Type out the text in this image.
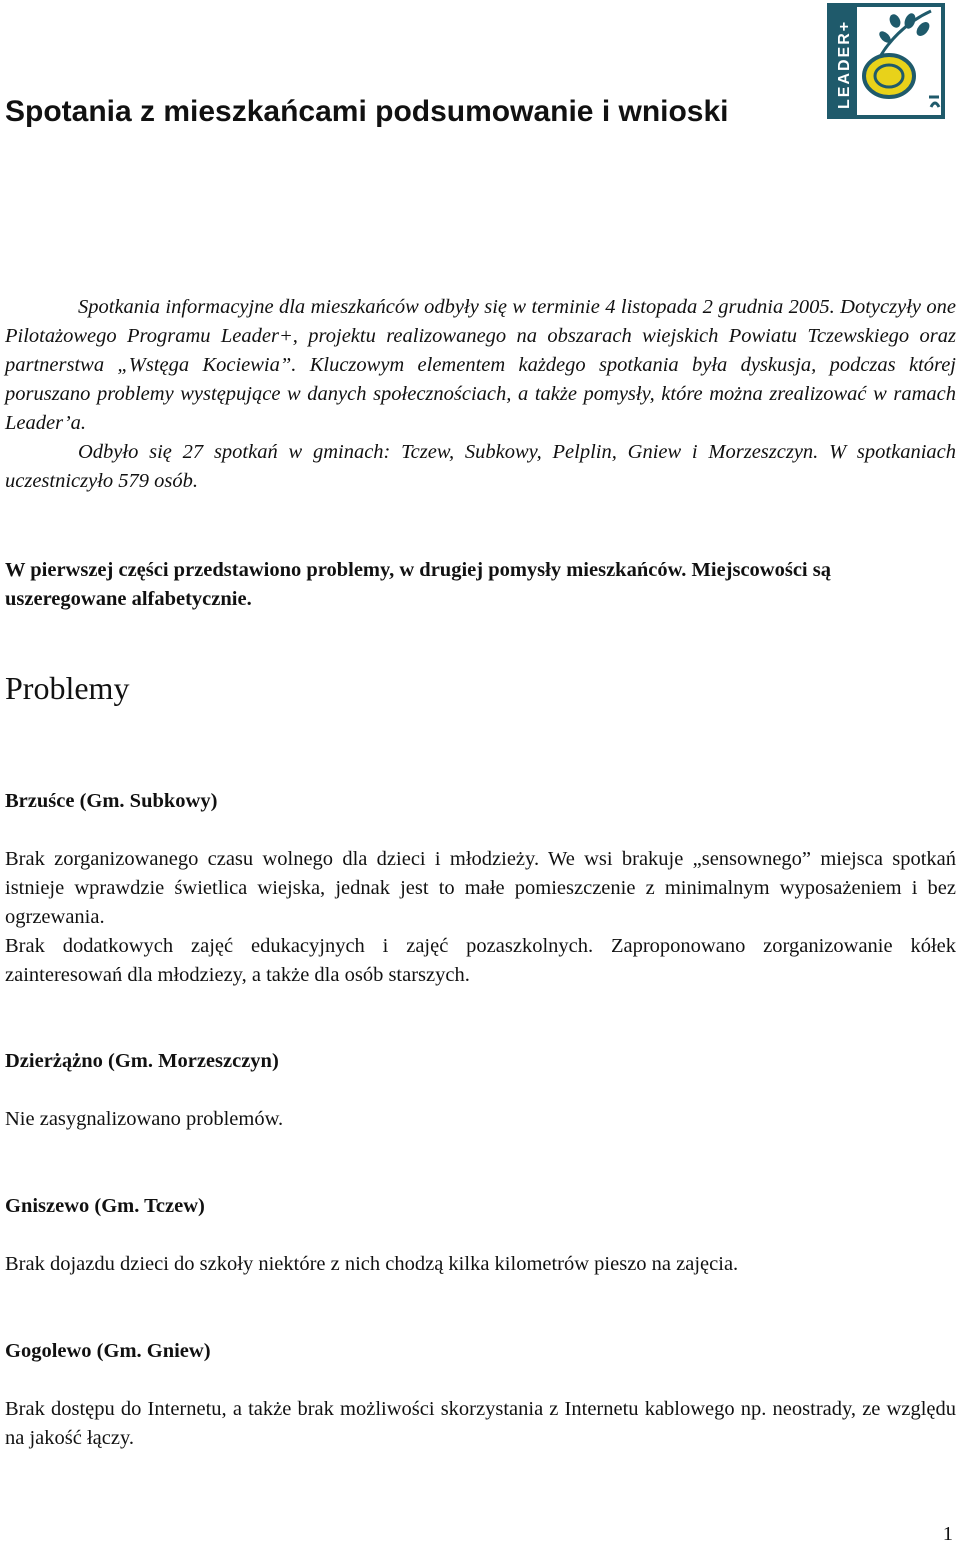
LEADER+
Spotania z mieszkańcami podsumowanie i wnioski

Spotkania informacyjne dla mieszkańców odbyły się w terminie 4 listopada 2 grudnia 2005. Dotyczyły one Pilotażowego Programu Leader+, projektu realizowanego na obszarach wiejskich Powiatu Tczewskiego oraz partnerstwa „Wstęga Kociewia”. Kluczowym elementem każdego spotkania była dyskusja, podczas której poruszano problemy występujące w danych społecznościach, a także pomysły, które można zrealizować w ramach Leader’a.
Odbyło się 27 spotkań w gminach: Tczew, Subkowy, Pelplin, Gniew i Morzeszczyn. W spotkaniach uczestniczyło 579 osób.

W pierwszej części przedstawiono problemy, w drugiej pomysły mieszkańców. Miejscowości są uszeregowane alfabetycznie.

Problemy
Brzuśce (Gm. Subkowy)

Brak zorganizowanego czasu wolnego dla dzieci i młodzieży. We wsi brakuje „sensownego” miejsca spotkań istnieje wprawdzie świetlica wiejska, jednak jest to małe pomieszczenie z minimalnym wyposażeniem i bez ogrzewania.
Brak dodatkowych zajęć edukacyjnych i zajęć pozaszkolnych. Zaproponowano zorganizowanie kółek zainteresowań dla młodziezy, a także dla osób starszych.

Dzierżążno (Gm. Morzeszczyn)

Nie zasygnalizowano problemów.

Gniszewo (Gm. Tczew)

Brak dojazdu dzieci do szkoły niektóre z nich chodzą kilka kilometrów pieszo na zajęcia.

Gogolewo (Gm. Gniew)

Brak dostępu do Internetu, a także brak możliwości skorzystania z Internetu kablowego np. neostrady, ze względu na jakość łączy.

1
